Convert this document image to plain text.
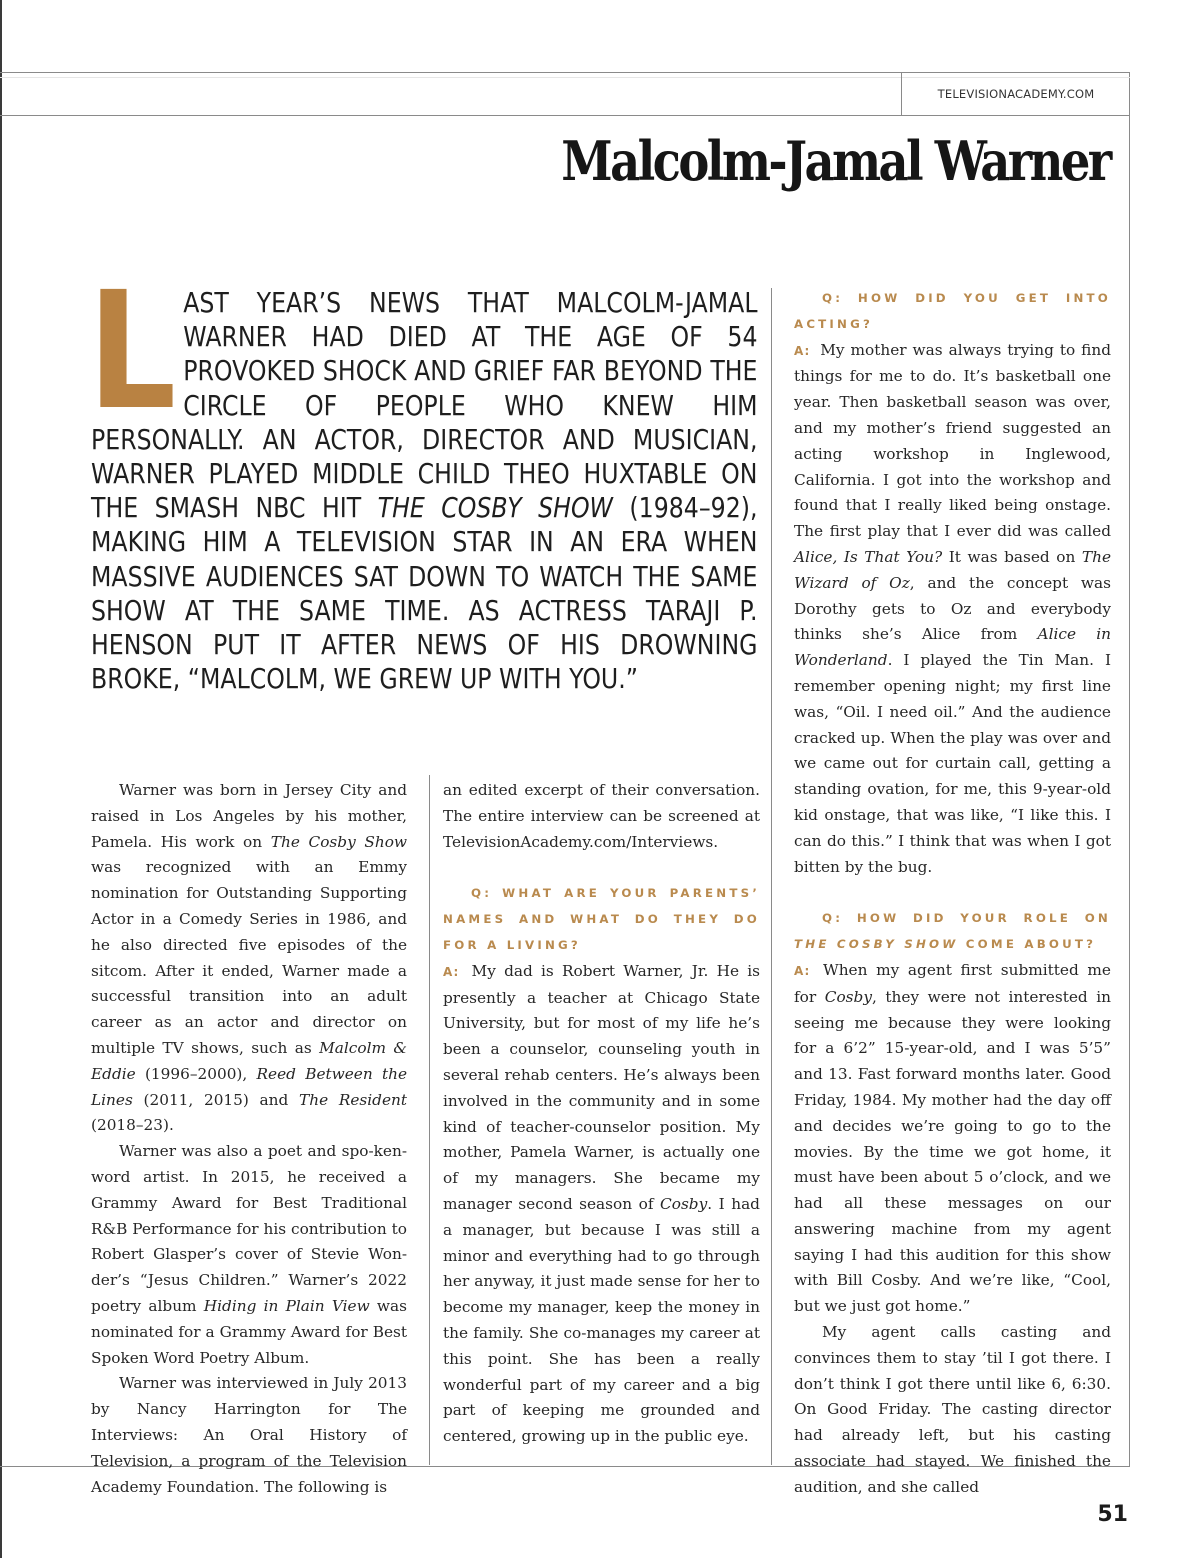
TELEVISIONACADEMY.COM
Malcolm-Jamal Warner
LAST YEAR’S NEWS THAT MALCOLM-JAMAL WARNER HAD DIED AT THE AGE OF 54 PROVOKED SHOCK AND GRIEF FAR BEYOND THE CIRCLE OF PEOPLE WHO KNEW HIM PERSONALLY. AN ACTOR, DIRECTOR AND MUSICIAN, WARNER PLAYED MIDDLE CHILD THEO HUXTABLE ON THE SMASH NBC HIT THE COSBY SHOW (1984–92), MAKING HIM A TELEVISION STAR IN AN ERA WHEN MASSIVE AUDIENCES SAT DOWN TO WATCH THE SAME SHOW AT THE SAME TIME. AS ACTRESS TARAJI P. HENSON PUT IT AFTER NEWS OF HIS DROWNING BROKE, “MALCOLM, WE GREW UP WITH YOU.”

Warner was born in Jersey City and raised in Los Angeles by his mother, Pamela. His work on The Cosby Show was recognized with an Emmy nomination for Outstanding Supporting Actor in a Comedy Series in 1986, and he also directed five episodes of the sitcom. After it ended, Warner made a successful transition into an adult career as an actor and director on multiple TV shows, such as Malcolm & Eddie (1996–2000), Reed Between the Lines (2011, 2015) and The Resident (2018–23).

Warner was also a poet and spo-ken-word artist. In 2015, he received a Grammy Award for Best Traditional R&B Performance for his contribution to Robert Glasper’s cover of Stevie Won-der’s “Jesus Children.” Warner’s 2022 poetry album Hiding in Plain View was nominated for a Grammy Award for Best Spoken Word Poetry Album.

Warner was interviewed in July 2013 by Nancy Harrington for The Interviews: An Oral History of Television, a program of the Television Academy Foundation. The following is

an edited excerpt of their conversation. The entire interview can be screened at TelevisionAcademy.com/Interviews.

Q: WHAT ARE YOUR PARENTS’ NAMES AND WHAT DO THEY DO FOR A LIVING?

A: My dad is Robert Warner, Jr. He is presently a teacher at Chicago State University, but for most of my life he’s been a counselor, counseling youth in several rehab centers. He’s always been involved in the community and in some kind of teacher-counselor position. My mother, Pamela Warner, is actually one of my managers. She became my manager second season of Cosby. I had a manager, but because I was still a minor and everything had to go through her anyway, it just made sense for her to become my manager, keep the money in the family. She co-manages my career at this point. She has been a really wonderful part of my career and a big part of keeping me grounded and centered, growing up in the public eye.

Q: HOW DID YOU GET INTO ACTING?

A: My mother was always trying to find things for me to do. It’s basketball one year. Then basketball season was over, and my mother’s friend suggested an acting workshop in Inglewood, California. I got into the workshop and found that I really liked being onstage. The first play that I ever did was called Alice, Is That You? It was based on The Wizard of Oz, and the concept was Dorothy gets to Oz and everybody thinks she’s Alice from Alice in Wonderland. I played the Tin Man. I remember opening night; my first line was, “Oil. I need oil.” And the audience cracked up. When the play was over and we came out for curtain call, getting a standing ovation, for me, this 9-year-old kid onstage, that was like, “I like this. I can do this.” I think that was when I got bitten by the bug.

Q: HOW DID YOUR ROLE ON THE COSBY SHOW COME ABOUT?

A: When my agent first submitted me for Cosby, they were not interested in seeing me because they were looking for a 6’2” 15-year-old, and I was 5’5” and 13. Fast forward months later. Good Friday, 1984. My mother had the day off and decides we’re going to go to the movies. By the time we got home, it must have been about 5 o’clock, and we had all these messages on our answering machine from my agent saying I had this audition for this show with Bill Cosby. And we’re like, “Cool, but we just got home.”

My agent calls casting and convinces them to stay ’til I got there. I don’t think I got there until like 6, 6:30. On Good Friday. The casting director had already left, but his casting associate had stayed. We finished the audition, and she called

51
